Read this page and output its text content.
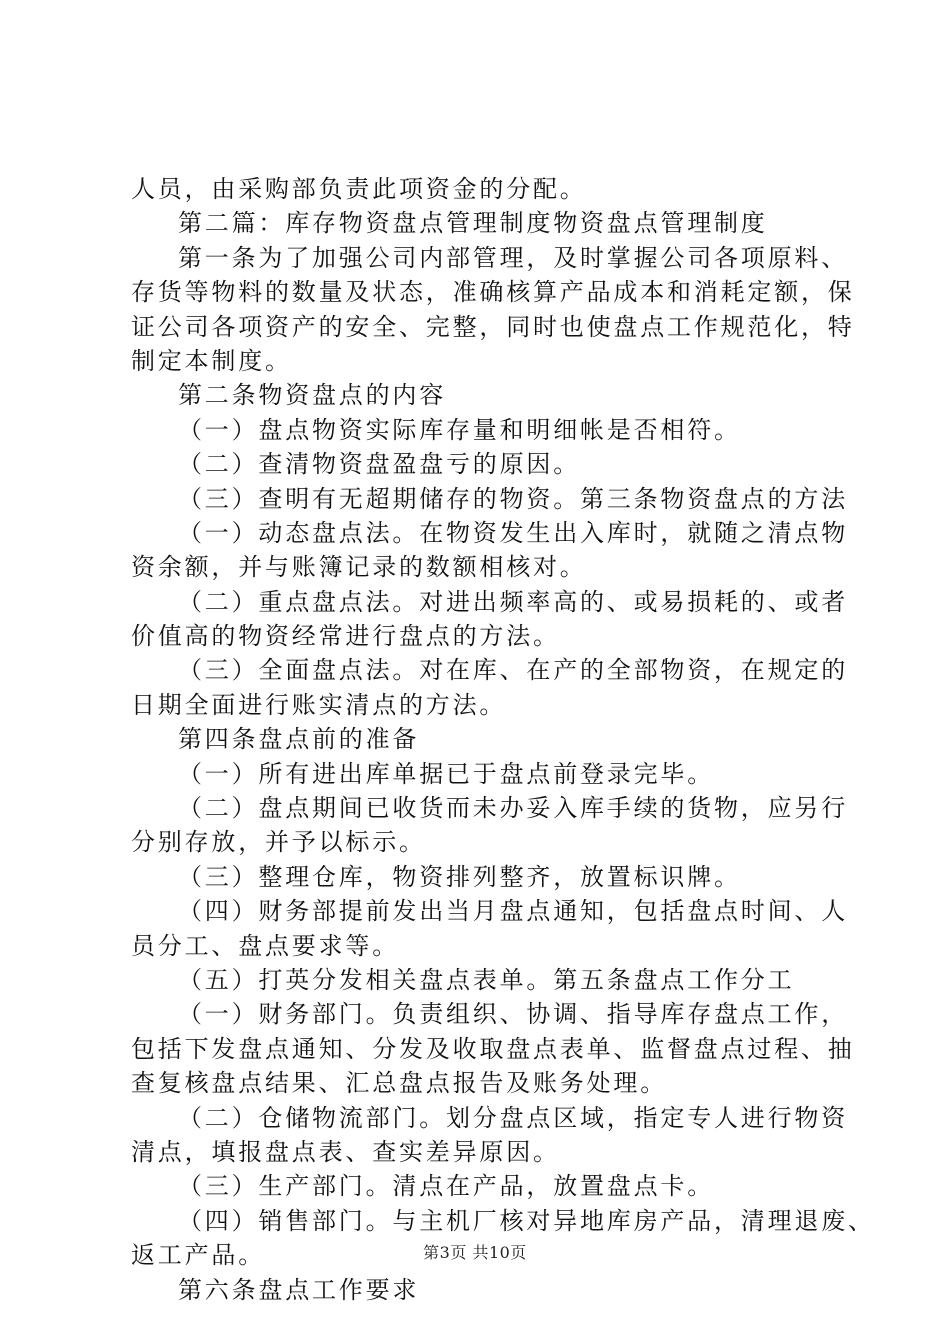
人员，由采购部负责此项资金的分配。
第二篇：库存物资盘点管理制度物资盘点管理制度
第一条为了加强公司内部管理，及时掌握公司各项原料、
存货等物料的数量及状态，准确核算产品成本和消耗定额，保
证公司各项资产的安全、完整，同时也使盘点工作规范化，特
制定本制度。
第二条物资盘点的内容
（一）盘点物资实际库存量和明细帐是否相符。
（二）查清物资盘盈盘亏的原因。
（三）查明有无超期储存的物资。第三条物资盘点的方法
（一）动态盘点法。在物资发生出入库时，就随之清点物
资余额，并与账簿记录的数额相核对。
（二）重点盘点法。对进出频率高的、或易损耗的、或者
价值高的物资经常进行盘点的方法。
（三）全面盘点法。对在库、在产的全部物资，在规定的
日期全面进行账实清点的方法。
第四条盘点前的准备
（一）所有进出库单据已于盘点前登录完毕。
（二）盘点期间已收货而未办妥入库手续的货物，应另行
分别存放，并予以标示。
（三）整理仓库，物资排列整齐，放置标识牌。
（四）财务部提前发出当月盘点通知，包括盘点时间、人
员分工、盘点要求等。
（五）打英分发相关盘点表单。第五条盘点工作分工
（一）财务部门。负责组织、协调、指导库存盘点工作，
包括下发盘点通知、分发及收取盘点表单、监督盘点过程、抽
查复核盘点结果、汇总盘点报告及账务处理。
（二）仓储物流部门。划分盘点区域，指定专人进行物资
清点，填报盘点表、查实差异原因。
（三）生产部门。清点在产品，放置盘点卡。
（四）销售部门。与主机厂核对异地库房产品，清理退废、
返工产品。
第六条盘点工作要求
第3页 共10页
